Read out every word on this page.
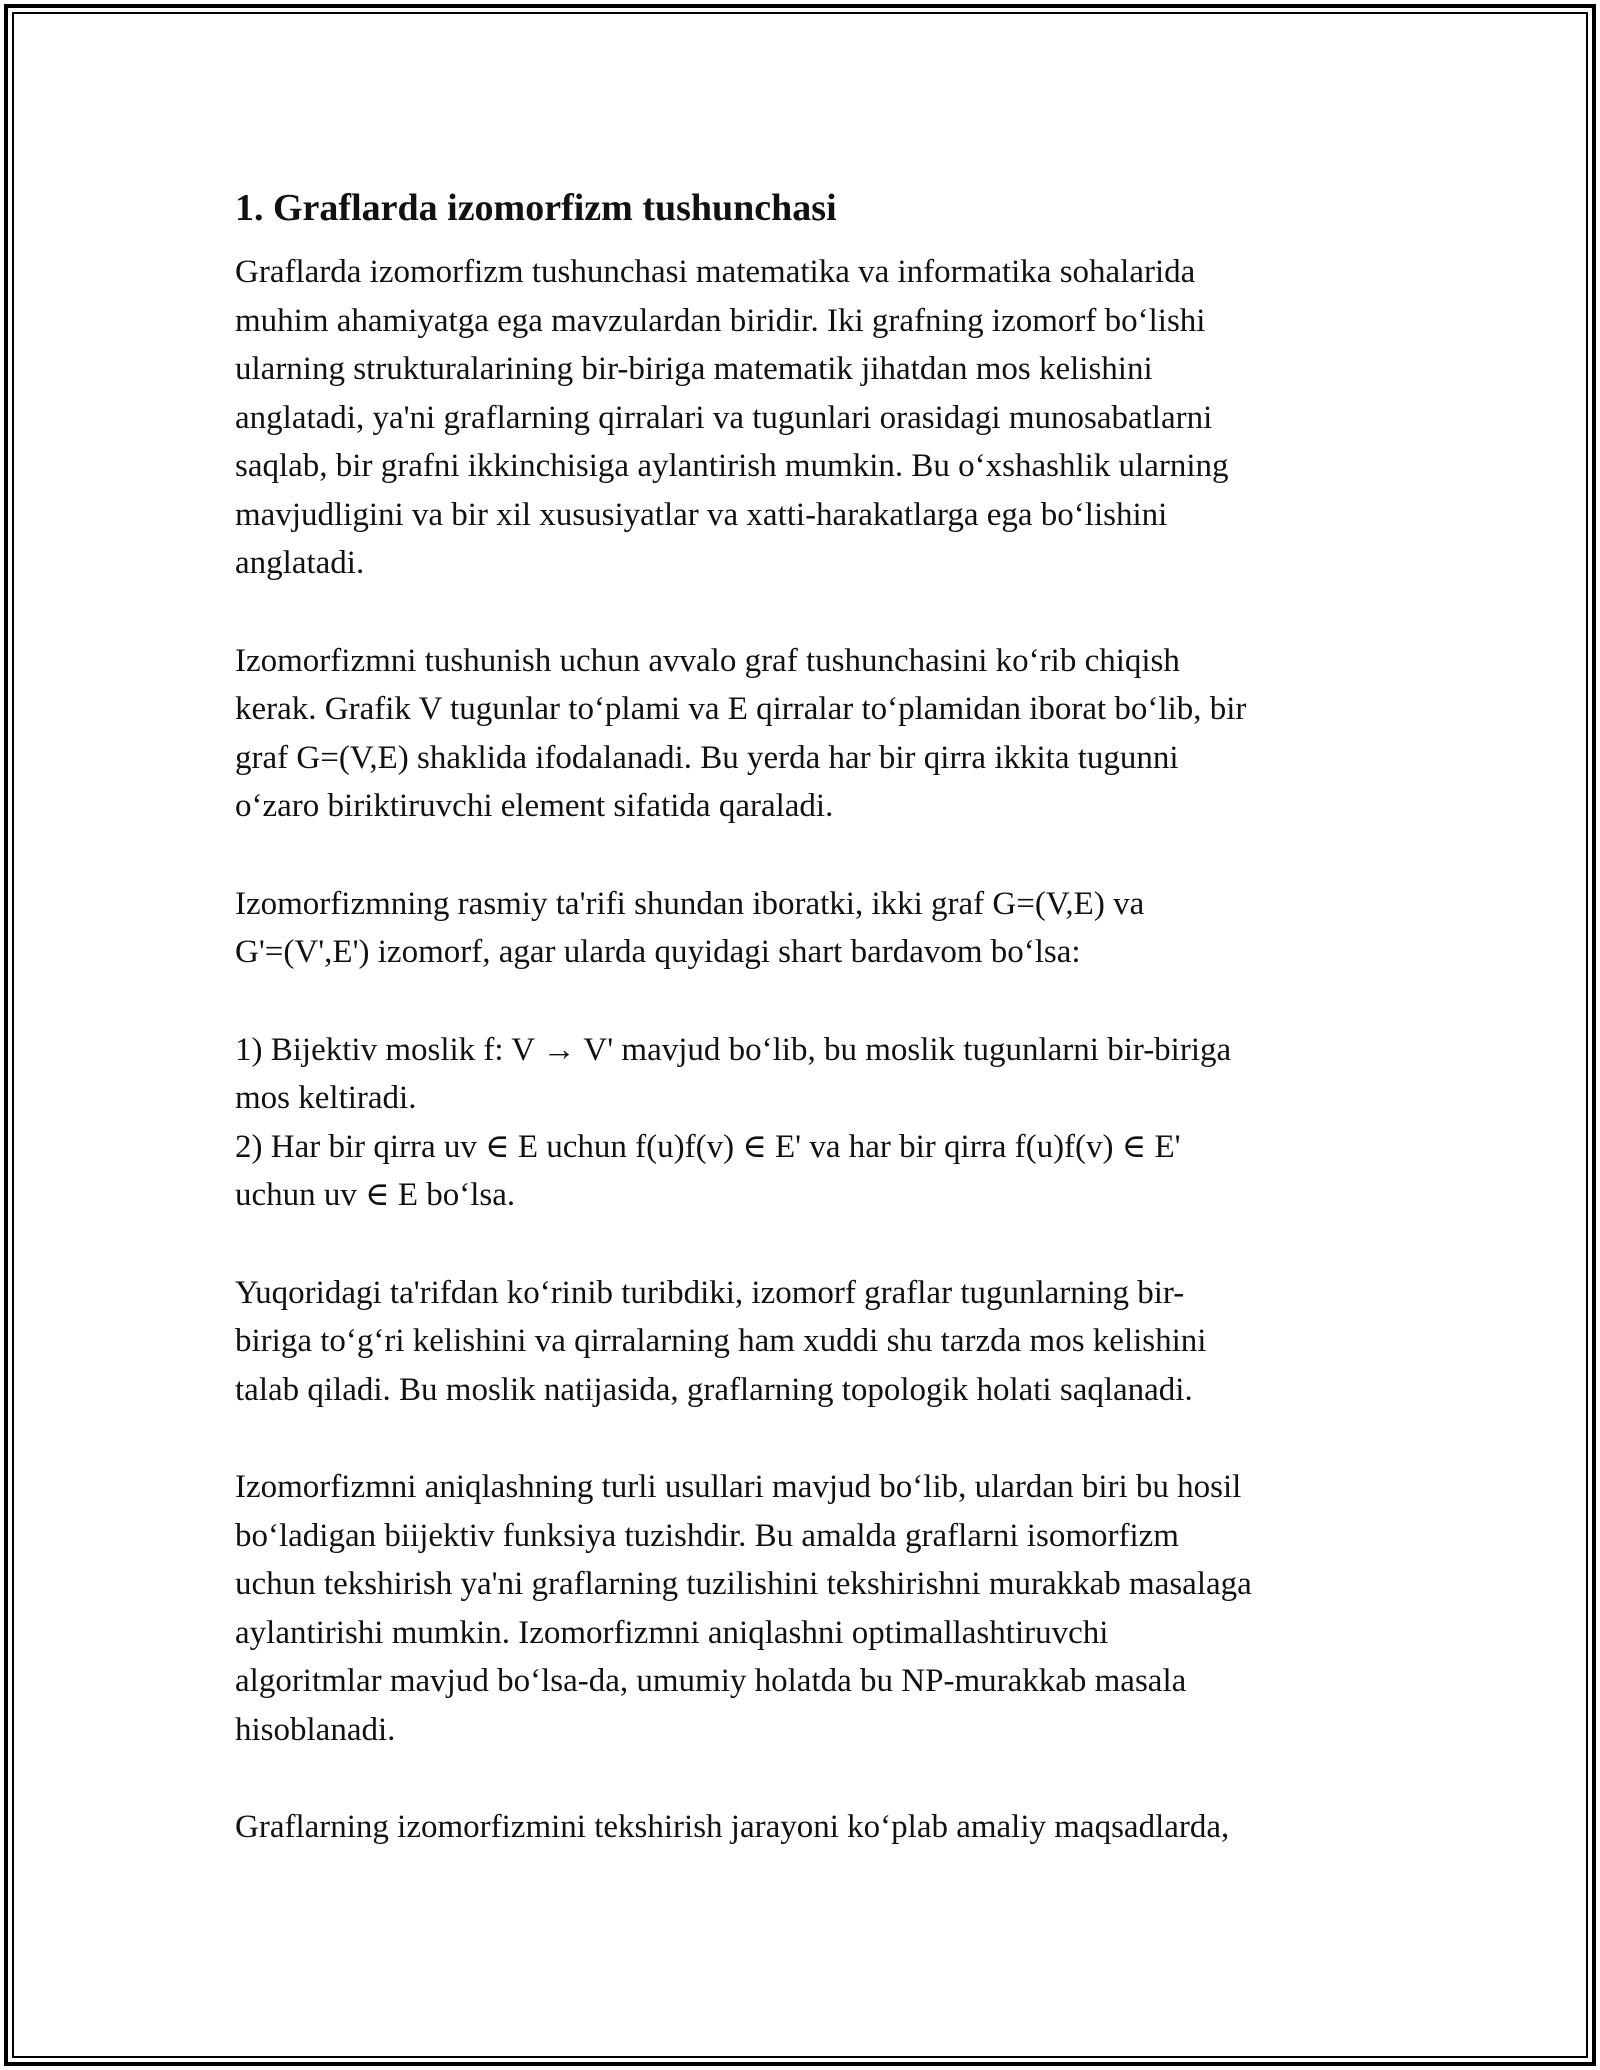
1. Graflarda izomorfizm tushunchasi

Graflarda izomorfizm tushunchasi matematika va informatika sohalarida
muhim ahamiyatga ega mavzulardan biridir. Iki grafning izomorf bo‘lishi
ularning strukturalarining bir-biriga matematik jihatdan mos kelishini
anglatadi, ya'ni graflarning qirralari va tugunlari orasidagi munosabatlarni
saqlab, bir grafni ikkinchisiga aylantirish mumkin. Bu o‘xshashlik ularning
mavjudligini va bir xil xususiyatlar va xatti-harakatlarga ega bo‘lishini
anglatadi.

Izomorfizmni tushunish uchun avvalo graf tushunchasini ko‘rib chiqish
kerak. Grafik V tugunlar to‘plami va E qirralar to‘plamidan iborat bo‘lib, bir
graf G=(V,E) shaklida ifodalanadi. Bu yerda har bir qirra ikkita tugunni
o‘zaro biriktiruvchi element sifatida qaraladi.

Izomorfizmning rasmiy ta'rifi shundan iboratki, ikki graf G=(V,E) va
G'=(V',E') izomorf, agar ularda quyidagi shart bardavom bo‘lsa:

1) Bijektiv moslik f: V → V' mavjud bo‘lib, bu moslik tugunlarni bir-biriga
mos keltiradi.
2) Har bir qirra uv ∈ E uchun f(u)f(v) ∈ E' va har bir qirra f(u)f(v) ∈ E'
uchun uv ∈ E bo‘lsa.

Yuqoridagi ta'rifdan ko‘rinib turibdiki, izomorf graflar tugunlarning bir-
biriga to‘g‘ri kelishini va qirralarning ham xuddi shu tarzda mos kelishini
talab qiladi. Bu moslik natijasida, graflarning topologik holati saqlanadi.

Izomorfizmni aniqlashning turli usullari mavjud bo‘lib, ulardan biri bu hosil
bo‘ladigan biijektiv funksiya tuzishdir. Bu amalda graflarni isomorfizm
uchun tekshirish ya'ni graflarning tuzilishini tekshirishni murakkab masalaga
aylantirishi mumkin. Izomorfizmni aniqlashni optimallashtiruvchi
algoritmlar mavjud bo‘lsa-da, umumiy holatda bu NP-murakkab masala
hisoblanadi.

Graflarning izomorfizmini tekshirish jarayoni ko‘plab amaliy maqsadlarda,
